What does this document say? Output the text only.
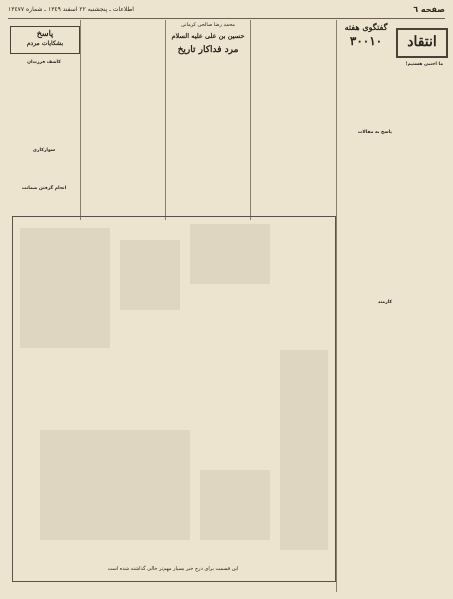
صفحه ٦
اطلاعات ـ پنجشنبه ٢٢ اسفند ١٣٤٩ ـ شماره ١٣٤٧٧
انتقاد
گفتگوی هفته
۳۰۰۱۰
ما اجنبی هستیم!
پاسخ به مقالات
کارمند
محمد رضا صالحی کرمانی
حسین بن علی علیه السلام
مرد فداکار تاریخ
پاسخ
بشکایات مردم
کاشف فرزندان
سوارکاری
انجام گرفتن ضمانت
این قسمت برای درج خبر بسیار مهم‌تر خالی گذاشته شده است
